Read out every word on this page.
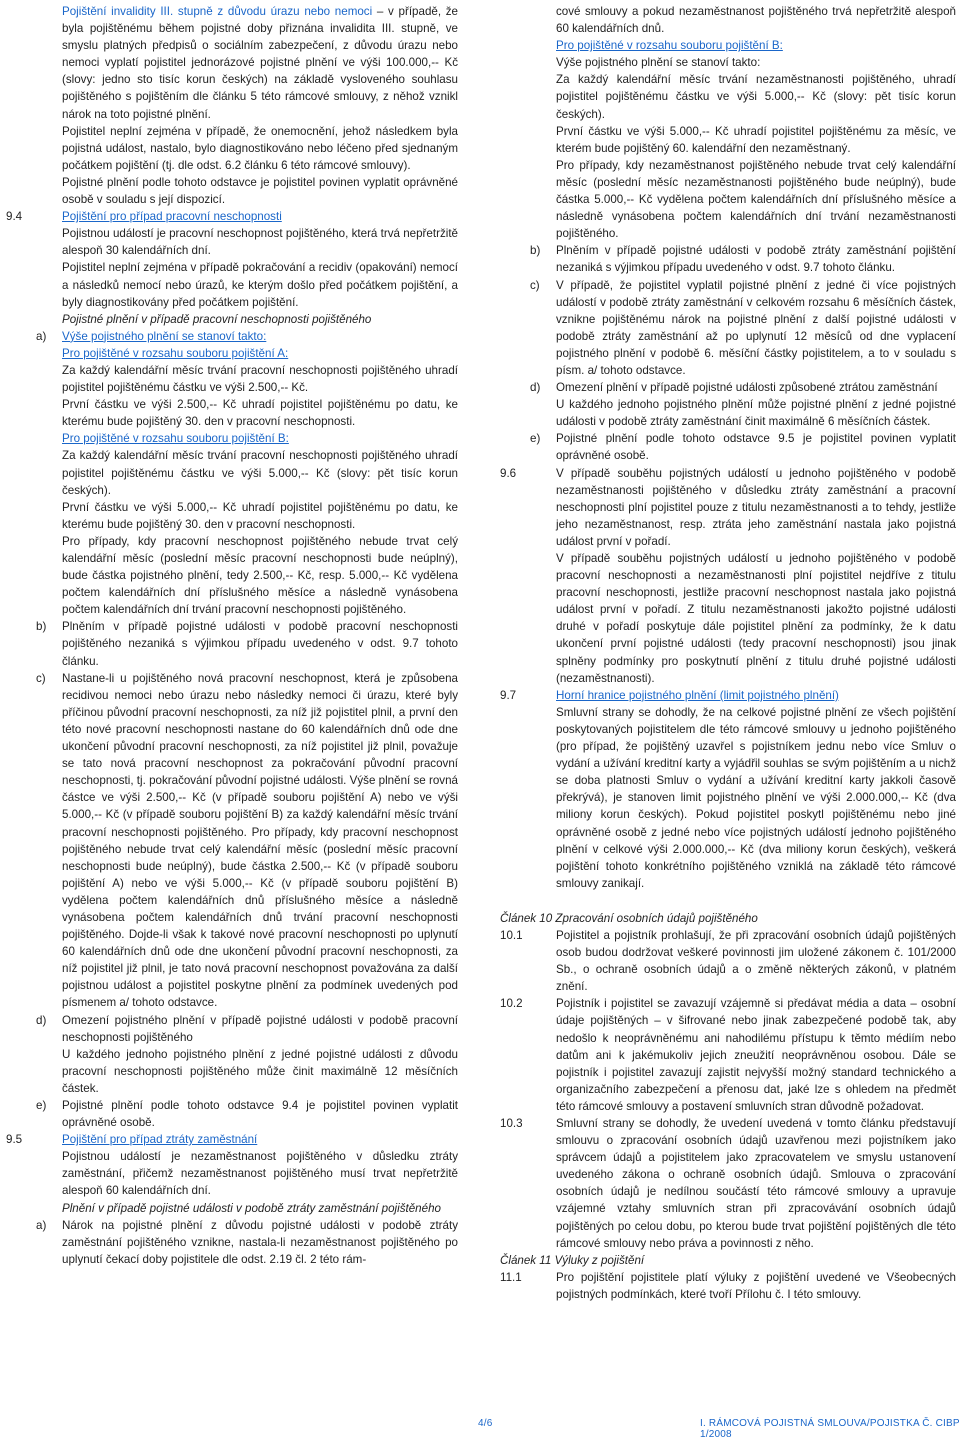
Pojištění invalidity III. stupně z důvodu úrazu nebo nemoci – v případě, že byla pojištěnému během pojistné doby přiznána invalidita III. stupně, ve smyslu platných předpisů o sociálním zabezpečení, z důvodu úrazu nebo nemoci vyplatí pojistitel jednorázové pojistné plnění ve výši 100.000,-- Kč (slovy: jedno sto tisíc korun českých) na základě vysloveného souhlasu pojištěného s pojištěním dle článku 5 této rámcové smlouvy, z něhož vznikl nárok na toto pojistné plnění.

Pojistitel neplní zejména v případě, že onemocnění, jehož následkem byla pojistná událost, nastalo, bylo diagnostikováno nebo léčeno před sjednaným počátkem pojištění (tj. dle odst. 6.2 článku 6 této rámcové smlouvy).

Pojistné plnění podle tohoto odstavce je pojistitel povinen vyplatit oprávněné osobě v souladu s její dispozicí.

9.4	Pojištění pro případ pracovní neschopnosti

Pojistnou událostí je pracovní neschopnost pojištěného, která trvá nepřetržitě alespoň 30 kalendářních dní.

Pojistitel neplní zejména v případě pokračování a recidiv (opakování) nemocí a následků nemocí nebo úrazů, ke kterým došlo před počátkem pojištění, a byly diagnostikovány před počátkem pojištění.

Pojistné plnění v případě pracovní neschopnosti pojištěného

a)	Výše pojistného plnění se stanoví takto:

Pro pojištěné v rozsahu souboru pojištění A:

Za každý kalendářní měsíc trvání pracovní neschopnosti pojištěného uhradí pojistitel pojištěnému částku ve výši 2.500,-- Kč.

První částku ve výši 2.500,-- Kč uhradí pojistitel pojištěnému po datu, ke kterému bude pojištěný 30. den v pracovní neschopnosti.

Pro pojištěné v rozsahu souboru pojištění B:

Za každý kalendářní měsíc trvání pracovní neschopnosti pojištěného uhradí pojistitel pojištěnému částku ve výši 5.000,-- Kč (slovy: pět tisíc korun českých).

První částku ve výši 5.000,-- Kč uhradí pojistitel pojištěnému po datu, ke kterému bude pojištěný 30. den v pracovní neschopnosti.

Pro případy, kdy pracovní neschopnost pojištěného nebude trvat celý kalendářní měsíc (poslední měsíc pracovní neschopnosti bude neúplný), bude částka pojistného plnění, tedy 2.500,-- Kč, resp. 5.000,-- Kč vydělena počtem kalendářních dní příslušného měsíce a následně vynásobena počtem kalendářních dní trvání pracovní neschopnosti pojištěného.

b)	Plněním v případě pojistné události v podobě pracovní neschopnosti pojištěného nezaniká s výjimkou případu uvedeného v odst. 9.7 tohoto článku.
c)	Nastane-li u pojištěného nová pracovní neschopnost, která je způsobena recidivou nemoci nebo úrazu nebo následky nemoci či úrazu, které byly příčinou původní pracovní neschopnosti, za níž již pojistitel plnil, a první den této nové pracovní neschopnosti nastane do 60 kalendářních dnů ode dne ukončení původní pracovní neschopnosti, za níž pojistitel již plnil, považuje se tato nová pracovní neschopnost za pokračování původní pracovní neschopnosti, tj. pokračování původní pojistné události. Výše plnění se rovná částce ve výši 2.500,-- Kč (v případě souboru pojištění A) nebo ve výši 5.000,-- Kč (v případě souboru pojištění B) za každý kalendářní měsíc trvání pracovní neschopnosti pojištěného. Pro případy, kdy pracovní neschopnost pojištěného nebude trvat celý kalendářní měsíc (poslední měsíc pracovní neschopnosti bude neúplný), bude částka 2.500,-- Kč (v případě souboru pojištění A) nebo ve výši 5.000,-- Kč (v případě souboru pojištění B) vydělena počtem kalendářních dnů příslušného měsíce a následně vynásobena počtem kalendářních dnů trvání pracovní neschopnosti pojištěného. Dojde-li však k takové nové pracovní neschopnosti po uplynutí 60 kalendářních dnů ode dne ukončení původní pracovní neschopnosti, za níž pojistitel již plnil, je tato nová pracovní neschopnost považována za další pojistnou událost a pojistitel poskytne plnění za podmínek uvedených pod písmenem a/ tohoto odstavce.
d)	Omezení pojistného plnění v případě pojistné události v podobě pracovní neschopnosti pojištěného

U každého jednoho pojistného plnění z jedné pojistné události z důvodu pracovní neschopnosti pojištěného může činit maximálně 12 měsíčních částek.

e)	Pojistné plnění podle tohoto odstavce 9.4 je pojistitel povinen vyplatit oprávněné osobě.
9.5	Pojištění pro případ ztráty zaměstnání

Pojistnou událostí je nezaměstnanost pojištěného v důsledku ztráty zaměstnání, přičemž nezaměstnanost pojištěného musí trvat nepřetržitě alespoň 60 kalendářních dní.

Plnění v případě pojistné události v podobě ztráty zaměstnání pojištěného

a)	Nárok na pojistné plnění z důvodu pojistné události v podobě ztráty zaměstnání pojištěného vznikne, nastala-li nezaměstnanost pojištěného po uplynutí čekací doby pojistitele dle odst. 2.19 čl. 2 této rám-

cové smlouvy a pokud nezaměstnanost pojištěného trvá nepřetržitě alespoň 60 kalendářních dnů.

Pro pojištěné v rozsahu souboru pojištění B:

Výše pojistného plnění se stanoví takto:

Za každý kalendářní měsíc trvání nezaměstnanosti pojištěného, uhradí pojistitel pojištěnému částku ve výši 5.000,-- Kč (slovy: pět tisíc korun českých).

První částku ve výši 5.000,-- Kč uhradí pojistitel pojištěnému za měsíc, ve kterém bude pojištěný 60. kalendářní den nezaměstnaný.

Pro případy, kdy nezaměstnanost pojištěného nebude trvat celý kalendářní měsíc (poslední měsíc nezaměstnanosti pojištěného bude neúplný), bude částka 5.000,-- Kč vydělena počtem kalendářních dní příslušného měsíce a následně vynásobena počtem kalendářních dní trvání nezaměstnanosti pojištěného.

b)	Plněním v případě pojistné události v podobě ztráty zaměstnání pojištění nezaniká s výjimkou případu uvedeného v odst. 9.7 tohoto článku.
c)	V případě, že pojistitel vyplatil pojistné plnění z jedné či více pojistných událostí v podobě ztráty zaměstnání v celkovém rozsahu 6 měsíčních částek, vznikne pojištěnému nárok na pojistné plnění z další pojistné události v podobě ztráty zaměstnání až po uplynutí 12 měsíců od dne vyplacení pojistného plnění v podobě 6. měsíční částky pojistitelem, a to v souladu s písm. a/ tohoto odstavce.
d)	Omezení plnění v případě pojistné události způsobené ztrátou zaměstnání

U každého jednoho pojistného plnění může pojistné plnění z jedné pojistné události v podobě ztráty zaměstnání činit maximálně 6 měsíčních částek.

e)	Pojistné plnění podle tohoto odstavce 9.5 je pojistitel povinen vyplatit oprávněné osobě.
9.6	V případě souběhu pojistných událostí u jednoho pojištěného v podobě nezaměstnanosti pojištěného v důsledku ztráty zaměstnání a pracovní neschopnosti plní pojistitel pouze z titulu nezaměstnanosti a to tehdy, jestliže jeho nezaměstnanost, resp. ztráta jeho zaměstnání nastala jako pojistná událost první v pořadí.

V případě souběhu pojistných událostí u jednoho pojištěného v podobě pracovní neschopnosti a nezaměstnanosti plní pojistitel nejdříve z titulu pracovní neschopnosti, jestliže pracovní neschopnost nastala jako pojistná událost první v pořadí. Z titulu nezaměstnanosti jakožto pojistné události druhé v pořadí poskytuje dále pojistitel plnění za podmínky, že k datu ukončení první pojistné události (tedy pracovní neschopnosti) jsou jinak splněny podmínky pro poskytnutí plnění z titulu druhé pojistné události (nezaměstnanosti).

9.7	Horní hranice pojistného plnění (limit pojistného plnění)

Smluvní strany se dohodly, že na celkové pojistné plnění ze všech pojištění poskytovaných pojistitelem dle této rámcové smlouvy u jednoho pojištěného (pro případ, že pojištěný uzavřel s pojistníkem jednu nebo více Smluv o vydání a užívání kreditní karty a vyjádřil souhlas se svým pojištěním a u nichž se doba platnosti Smluv o vydání a užívání kreditní karty jakkoli časově překrývá), je stanoven limit pojistného plnění ve výši 2.000.000,-- Kč (dva miliony korun českých). Pokud pojistitel poskytl pojištěnému nebo jiné oprávněné osobě z jedné nebo více pojistných událostí jednoho pojištěného plnění v celkové výši 2.000.000,-- Kč (dva miliony korun českých), veškerá pojištění tohoto konkrétního pojištěného vzniklá na základě této rámcové smlouvy zanikají.

Článek 10 Zpracování osobních údajů pojištěného

10.1	Pojistitel a pojistník prohlašují, že při zpracování osobních údajů pojištěných osob budou dodržovat veškeré povinnosti jim uložené zákonem č. 101/2000 Sb., o ochraně osobních údajů a o změně některých zákonů, v platném znění.
10.2	Pojistník i pojistitel se zavazují vzájemně si předávat média a data – osobní údaje pojištěných – v šifrované nebo jinak zabezpečené podobě tak, aby nedošlo k neoprávněnému ani nahodilému přístupu k těmto médiím nebo datům ani k jakémukoliv jejich zneužití neoprávněnou osobou. Dále se pojistník i pojistitel zavazují zajistit nejvyšší možný standard technického a organizačního zabezpečení a přenosu dat, jaké lze s ohledem na předmět této rámcové smlouvy a postavení smluvních stran důvodně požadovat.
10.3	Smluvní strany se dohodly, že uvedení uvedená v tomto článku představují smlouvu o zpracování osobních údajů uzavřenou mezi pojistníkem jako správcem údajů a pojistitelem jako zpracovatelem ve smyslu ustanovení uvedeného zákona o ochraně osobních údajů. Smlouva o zpracování osobních údajů je nedílnou součástí této rámcové smlouvy a upravuje vzájemné vztahy smluvních stran při zpracovávání osobních údajů pojištěných po celou dobu, po kterou bude trvat pojištění pojištěných dle této rámcové smlouvy nebo práva a povinnosti z něho.

Článek 11 Výluky z pojištění

11.1	Pro pojištění pojistitele platí výluky z pojištění uvedené ve Všeobecných pojistných podmínkách, které tvoří Přílohu č. I této smlouvy.
4/6	I. RÁMCOVÁ POJISTNÁ SMLOUVA/POJISTKA Č. CIBP 1/2008
